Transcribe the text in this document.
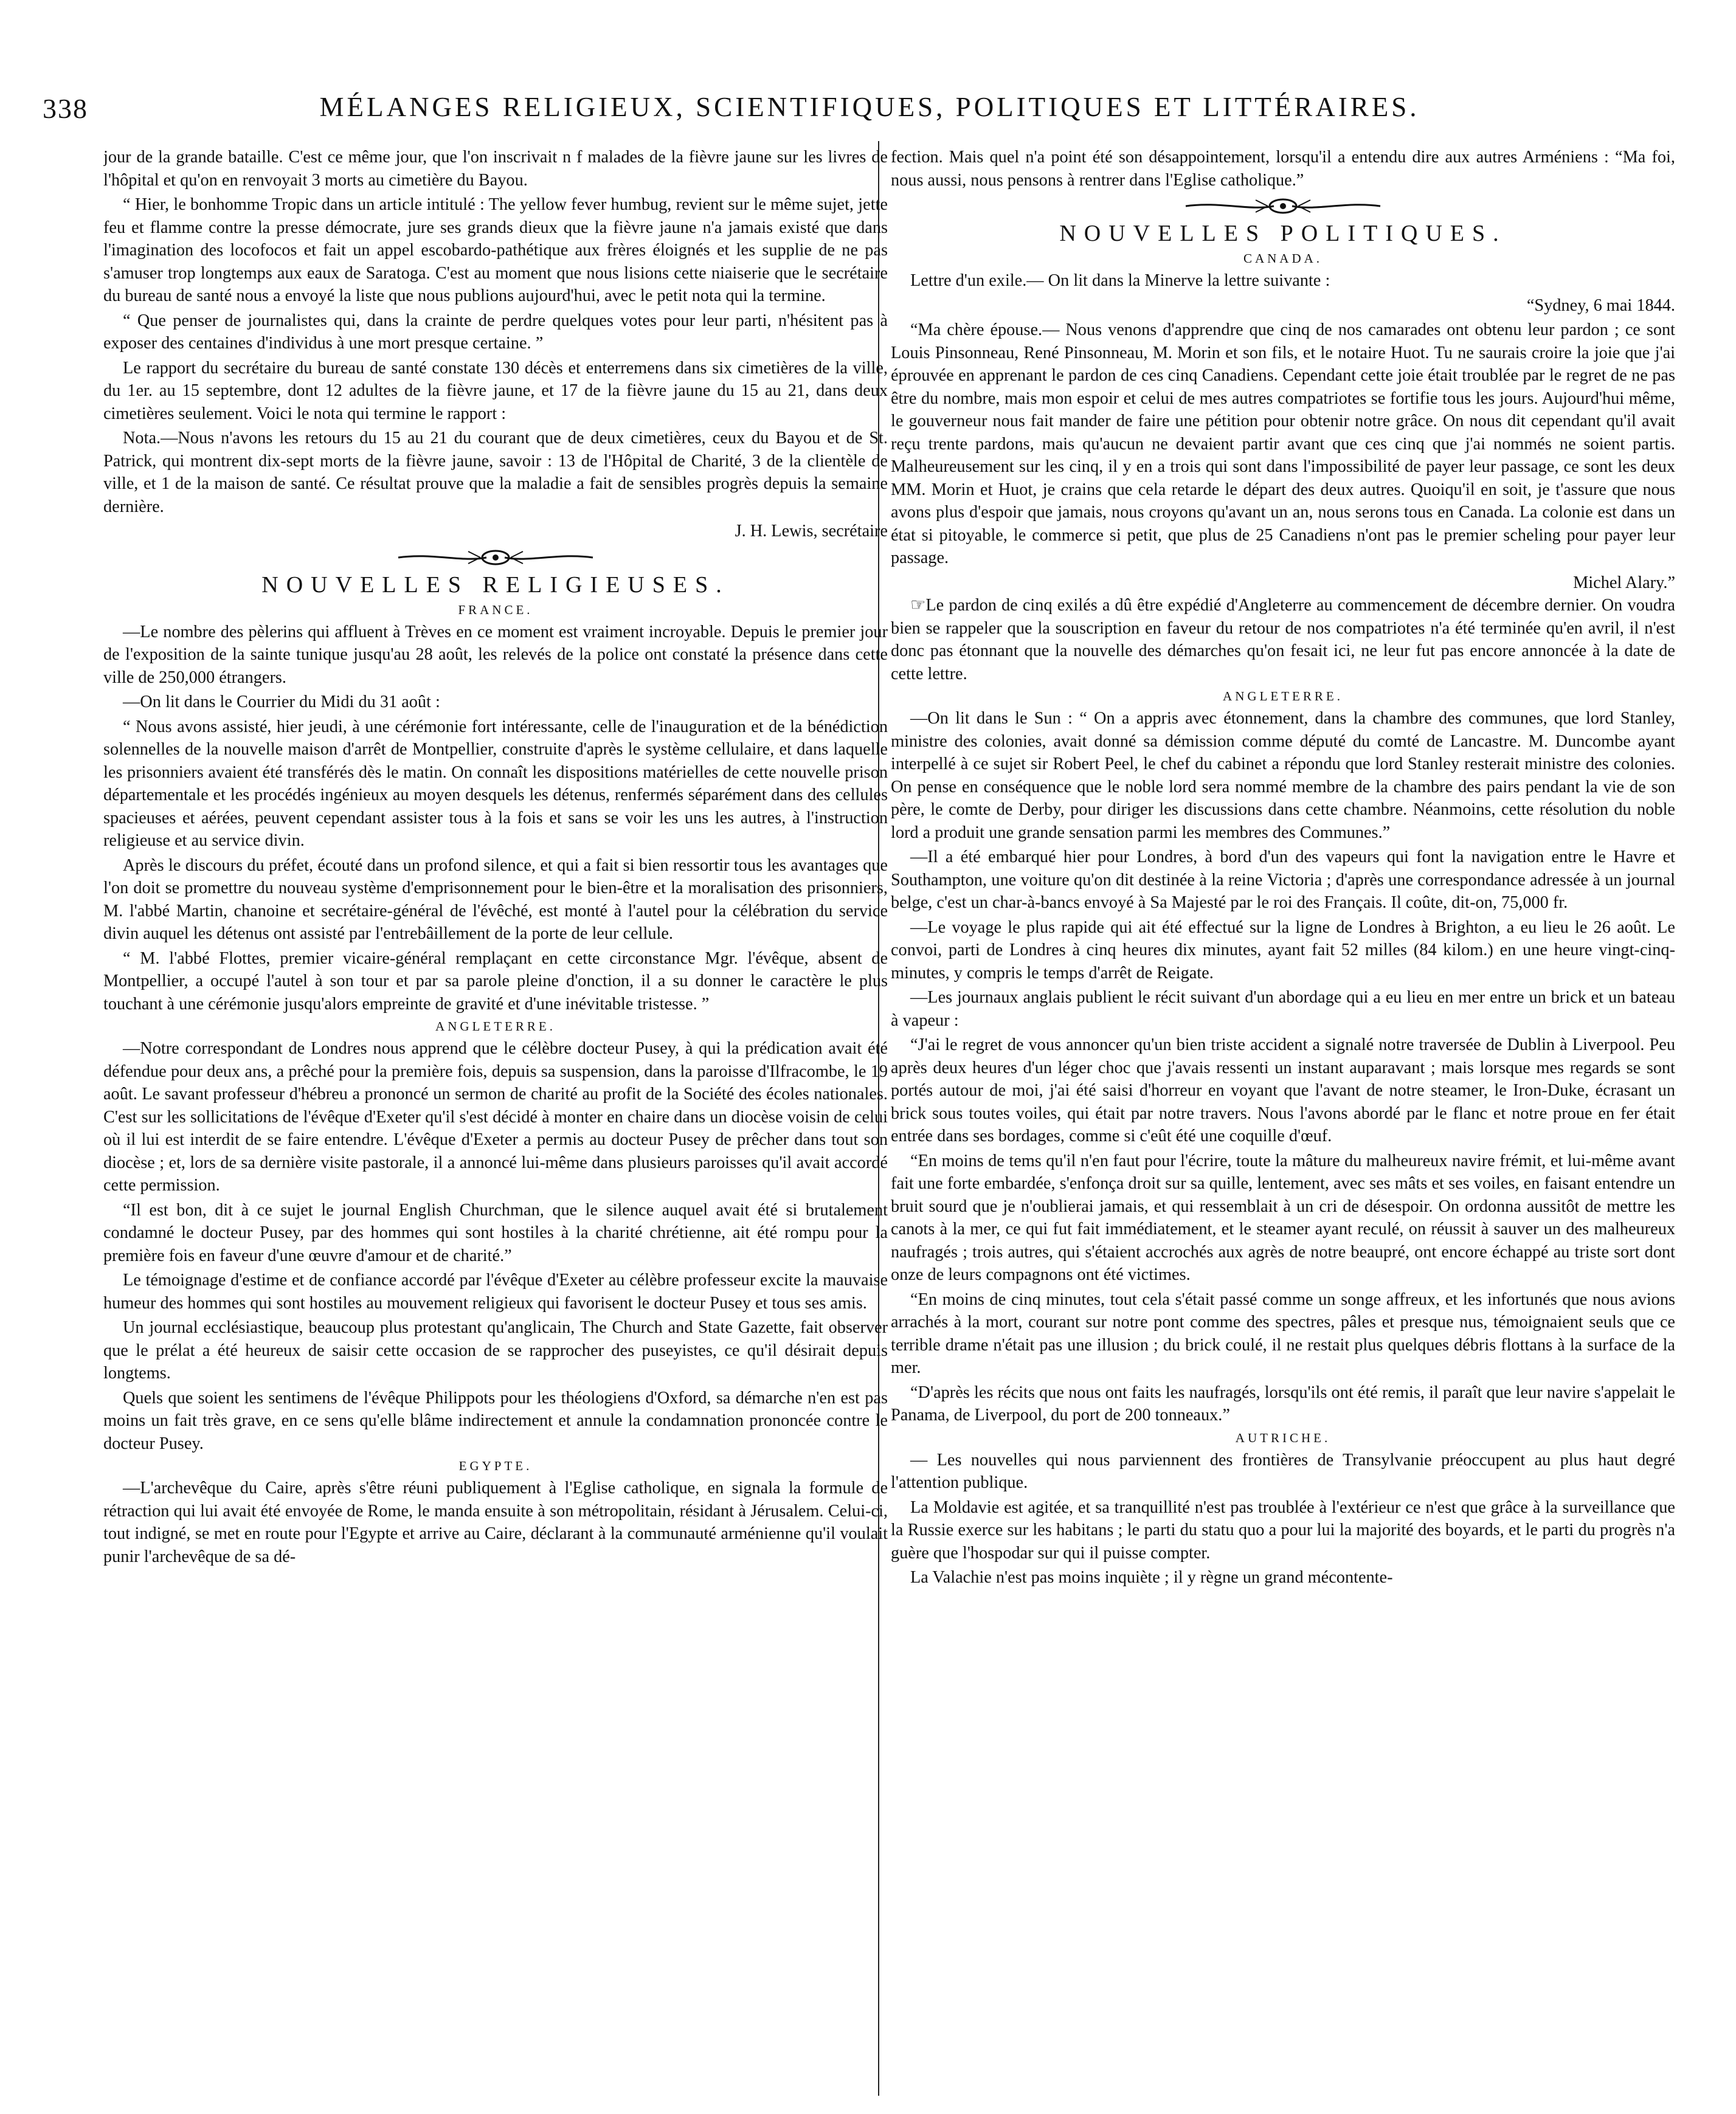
338	MÉLANGES RELIGIEUX, SCIENTIFIQUES, POLITIQUES ET LITTÉRAIRES.

jour de la grande bataille. C'est ce même jour, que l'on inscrivait n f malades de la fièvre jaune sur les livres de l'hôpital et qu'on en renvoyait 3 morts au cimetière du Bayou.

“ Hier, le bonhomme Tropic dans un article intitulé : The yellow fever humbug, revient sur le même sujet, jette feu et flamme contre la presse démocrate, jure ses grands dieux que la fièvre jaune n'a jamais existé que dans l'imagination des locofocos et fait un appel escobardo-pathétique aux frères éloignés et les supplie de ne pas s'amuser trop longtemps aux eaux de Saratoga. C'est au moment que nous lisions cette niaiserie que le secrétaire du bureau de santé nous a envoyé la liste que nous publions aujourd'hui, avec le petit nota qui la termine.

“ Que penser de journalistes qui, dans la crainte de perdre quelques votes pour leur parti, n'hésitent pas à exposer des centaines d'individus à une mort presque certaine. ”

Le rapport du secrétaire du bureau de santé constate 130 décès et enterremens dans six cimetières de la ville, du 1er. au 15 septembre, dont 12 adultes de la fièvre jaune, et 17 de la fièvre jaune du 15 au 21, dans deux cimetières seulement. Voici le nota qui termine le rapport :

Nota.—Nous n'avons les retours du 15 au 21 du courant que de deux cimetières, ceux du Bayou et de St. Patrick, qui montrent dix-sept morts de la fièvre jaune, savoir : 13 de l'Hôpital de Charité, 3 de la clientèle de ville, et 1 de la maison de santé. Ce résultat prouve que la maladie a fait de sensibles progrès depuis la semaine dernière.

J. H. Lewis, secrétaire
NOUVELLES RELIGIEUSES.
FRANCE.

—Le nombre des pèlerins qui affluent à Trèves en ce moment est vraiment incroyable. Depuis le premier jour de l'exposition de la sainte tunique jusqu'au 28 août, les relevés de la police ont constaté la présence dans cette ville de 250,000 étrangers.

—On lit dans le Courrier du Midi du 31 août :

“ Nous avons assisté, hier jeudi, à une cérémonie fort intéressante, celle de l'inauguration et de la bénédiction solennelles de la nouvelle maison d'arrêt de Montpellier, construite d'après le système cellulaire, et dans laquelle les prisonniers avaient été transférés dès le matin. On connaît les dispositions matérielles de cette nouvelle prison départementale et les procédés ingénieux au moyen desquels les détenus, renfermés séparément dans des cellules spacieuses et aérées, peuvent cependant assister tous à la fois et sans se voir les uns les autres, à l'instruction religieuse et au service divin.

Après le discours du préfet, écouté dans un profond silence, et qui a fait si bien ressortir tous les avantages que l'on doit se promettre du nouveau système d'emprisonnement pour le bien-être et la moralisation des prisonniers, M. l'abbé Martin, chanoine et secrétaire-général de l'évêché, est monté à l'autel pour la célébration du service divin auquel les détenus ont assisté par l'entrebâillement de la porte de leur cellule.

“ M. l'abbé Flottes, premier vicaire-général remplaçant en cette circonstance Mgr. l'évêque, absent de Montpellier, a occupé l'autel à son tour et par sa parole pleine d'onction, il a su donner le caractère le plus touchant à une cérémonie jusqu'alors empreinte de gravité et d'une inévitable tristesse. ”

ANGLETERRE.

—Notre correspondant de Londres nous apprend que le célèbre docteur Pusey, à qui la prédication avait été défendue pour deux ans, a prêché pour la première fois, depuis sa suspension, dans la paroisse d'Ilfracombe, le 19 août. Le savant professeur d'hébreu a prononcé un sermon de charité au profit de la Société des écoles nationales. C'est sur les sollicitations de l'évêque d'Exeter qu'il s'est décidé à monter en chaire dans un diocèse voisin de celui où il lui est interdit de se faire entendre. L'évêque d'Exeter a permis au docteur Pusey de prêcher dans tout son diocèse ; et, lors de sa dernière visite pastorale, il a annoncé lui-même dans plusieurs paroisses qu'il avait accordé cette permission.

“Il est bon, dit à ce sujet le journal English Churchman, que le silence auquel avait été si brutalement condamné le docteur Pusey, par des hommes qui sont hostiles à la charité chrétienne, ait été rompu pour la première fois en faveur d'une œuvre d'amour et de charité.”

Le témoignage d'estime et de confiance accordé par l'évêque d'Exeter au célèbre professeur excite la mauvaise humeur des hommes qui sont hostiles au mouvement religieux qui favorisent le docteur Pusey et tous ses amis.

Un journal ecclésiastique, beaucoup plus protestant qu'anglicain, The Church and State Gazette, fait observer que le prélat a été heureux de saisir cette occasion de se rapprocher des puseyistes, ce qu'il désirait depuis longtems.

Quels que soient les sentimens de l'évêque Philippots pour les théologiens d'Oxford, sa démarche n'en est pas moins un fait très grave, en ce sens qu'elle blâme indirectement et annule la condamnation prononcée contre le docteur Pusey.

EGYPTE.

—L'archevêque du Caire, après s'être réuni publiquement à l'Eglise catholique, en signala la formule de rétraction qui lui avait été envoyée de Rome, le manda ensuite à son métropolitain, résidant à Jérusalem. Celui-ci, tout indigné, se met en route pour l'Egypte et arrive au Caire, déclarant à la communauté arménienne qu'il voulait punir l'archevêque de sa dé-

fection. Mais quel n'a point été son désappointement, lorsqu'il a entendu dire aux autres Arméniens : “Ma foi, nous aussi, nous pensons à rentrer dans l'Eglise catholique.”

NOUVELLES POLITIQUES.
CANADA.

Lettre d'un exile.— On lit dans la Minerve la lettre suivante :

“Sydney, 6 mai 1844.

“Ma chère épouse.— Nous venons d'apprendre que cinq de nos camarades ont obtenu leur pardon ; ce sont Louis Pinsonneau, René Pinsonneau, M. Morin et son fils, et le notaire Huot. Tu ne saurais croire la joie que j'ai éprouvée en apprenant le pardon de ces cinq Canadiens. Cependant cette joie était troublée par le regret de ne pas être du nombre, mais mon espoir et celui de mes autres compatriotes se fortifie tous les jours. Aujourd'hui même, le gouverneur nous fait mander de faire une pétition pour obtenir notre grâce. On nous dit cependant qu'il avait reçu trente pardons, mais qu'aucun ne devaient partir avant que ces cinq que j'ai nommés ne soient partis. Malheureusement sur les cinq, il y en a trois qui sont dans l'impossibilité de payer leur passage, ce sont les deux MM. Morin et Huot, je crains que cela retarde le départ des deux autres. Quoiqu'il en soit, je t'assure que nous avons plus d'espoir que jamais, nous croyons qu'avant un an, nous serons tous en Canada. La colonie est dans un état si pitoyable, le commerce si petit, que plus de 25 Canadiens n'ont pas le premier scheling pour payer leur passage.

Michel Alary.”

☞Le pardon de cinq exilés a dû être expédié d'Angleterre au commencement de décembre dernier. On voudra bien se rappeler que la souscription en faveur du retour de nos compatriotes n'a été terminée qu'en avril, il n'est donc pas étonnant que la nouvelle des démarches qu'on fesait ici, ne leur fut pas encore annoncée à la date de cette lettre.

ANGLETERRE.

—On lit dans le Sun : “ On a appris avec étonnement, dans la chambre des communes, que lord Stanley, ministre des colonies, avait donné sa démission comme député du comté de Lancastre. M. Duncombe ayant interpellé à ce sujet sir Robert Peel, le chef du cabinet a répondu que lord Stanley resterait ministre des colonies. On pense en conséquence que le noble lord sera nommé membre de la chambre des pairs pendant la vie de son père, le comte de Derby, pour diriger les discussions dans cette chambre. Néanmoins, cette résolution du noble lord a produit une grande sensation parmi les membres des Communes.”

—Il a été embarqué hier pour Londres, à bord d'un des vapeurs qui font la navigation entre le Havre et Southampton, une voiture qu'on dit destinée à la reine Victoria ; d'après une correspondance adressée à un journal belge, c'est un char-à-bancs envoyé à Sa Majesté par le roi des Français. Il coûte, dit-on, 75,000 fr.

—Le voyage le plus rapide qui ait été effectué sur la ligne de Londres à Brighton, a eu lieu le 26 août. Le convoi, parti de Londres à cinq heures dix minutes, ayant fait 52 milles (84 kilom.) en une heure vingt-cinq-minutes, y compris le temps d'arrêt de Reigate.

—Les journaux anglais publient le récit suivant d'un abordage qui a eu lieu en mer entre un brick et un bateau à vapeur :

“J'ai le regret de vous annoncer qu'un bien triste accident a signalé notre traversée de Dublin à Liverpool. Peu après deux heures d'un léger choc que j'avais ressenti un instant auparavant ; mais lorsque mes regards se sont portés autour de moi, j'ai été saisi d'horreur en voyant que l'avant de notre steamer, le Iron-Duke, écrasant un brick sous toutes voiles, qui était par notre travers. Nous l'avons abordé par le flanc et notre proue en fer était entrée dans ses bordages, comme si c'eût été une coquille d'œuf.

“En moins de tems qu'il n'en faut pour l'écrire, toute la mâture du malheureux navire frémit, et lui-même avant fait une forte embardée, s'enfonça droit sur sa quille, lentement, avec ses mâts et ses voiles, en faisant entendre un bruit sourd que je n'oublierai jamais, et qui ressemblait à un cri de désespoir. On ordonna aussitôt de mettre les canots à la mer, ce qui fut fait immédiatement, et le steamer ayant reculé, on réussit à sauver un des malheureux naufragés ; trois autres, qui s'étaient accrochés aux agrès de notre beaupré, ont encore échappé au triste sort dont onze de leurs compagnons ont été victimes.

“En moins de cinq minutes, tout cela s'était passé comme un songe affreux, et les infortunés que nous avions arrachés à la mort, courant sur notre pont comme des spectres, pâles et presque nus, témoignaient seuls que ce terrible drame n'était pas une illusion ; du brick coulé, il ne restait plus quelques débris flottans à la surface de la mer.

“D'après les récits que nous ont faits les naufragés, lorsqu'ils ont été remis, il paraît que leur navire s'appelait le Panama, de Liverpool, du port de 200 tonneaux.”

AUTRICHE.

— Les nouvelles qui nous parviennent des frontières de Transylvanie préoccupent au plus haut degré l'attention publique.

La Moldavie est agitée, et sa tranquillité n'est pas troublée à l'extérieur ce n'est que grâce à la surveillance que la Russie exerce sur les habitans ; le parti du statu quo a pour lui la majorité des boyards, et le parti du progrès n'a guère que l'hospodar sur qui il puisse compter.

La Valachie n'est pas moins inquiète ; il y règne un grand mécontente-
